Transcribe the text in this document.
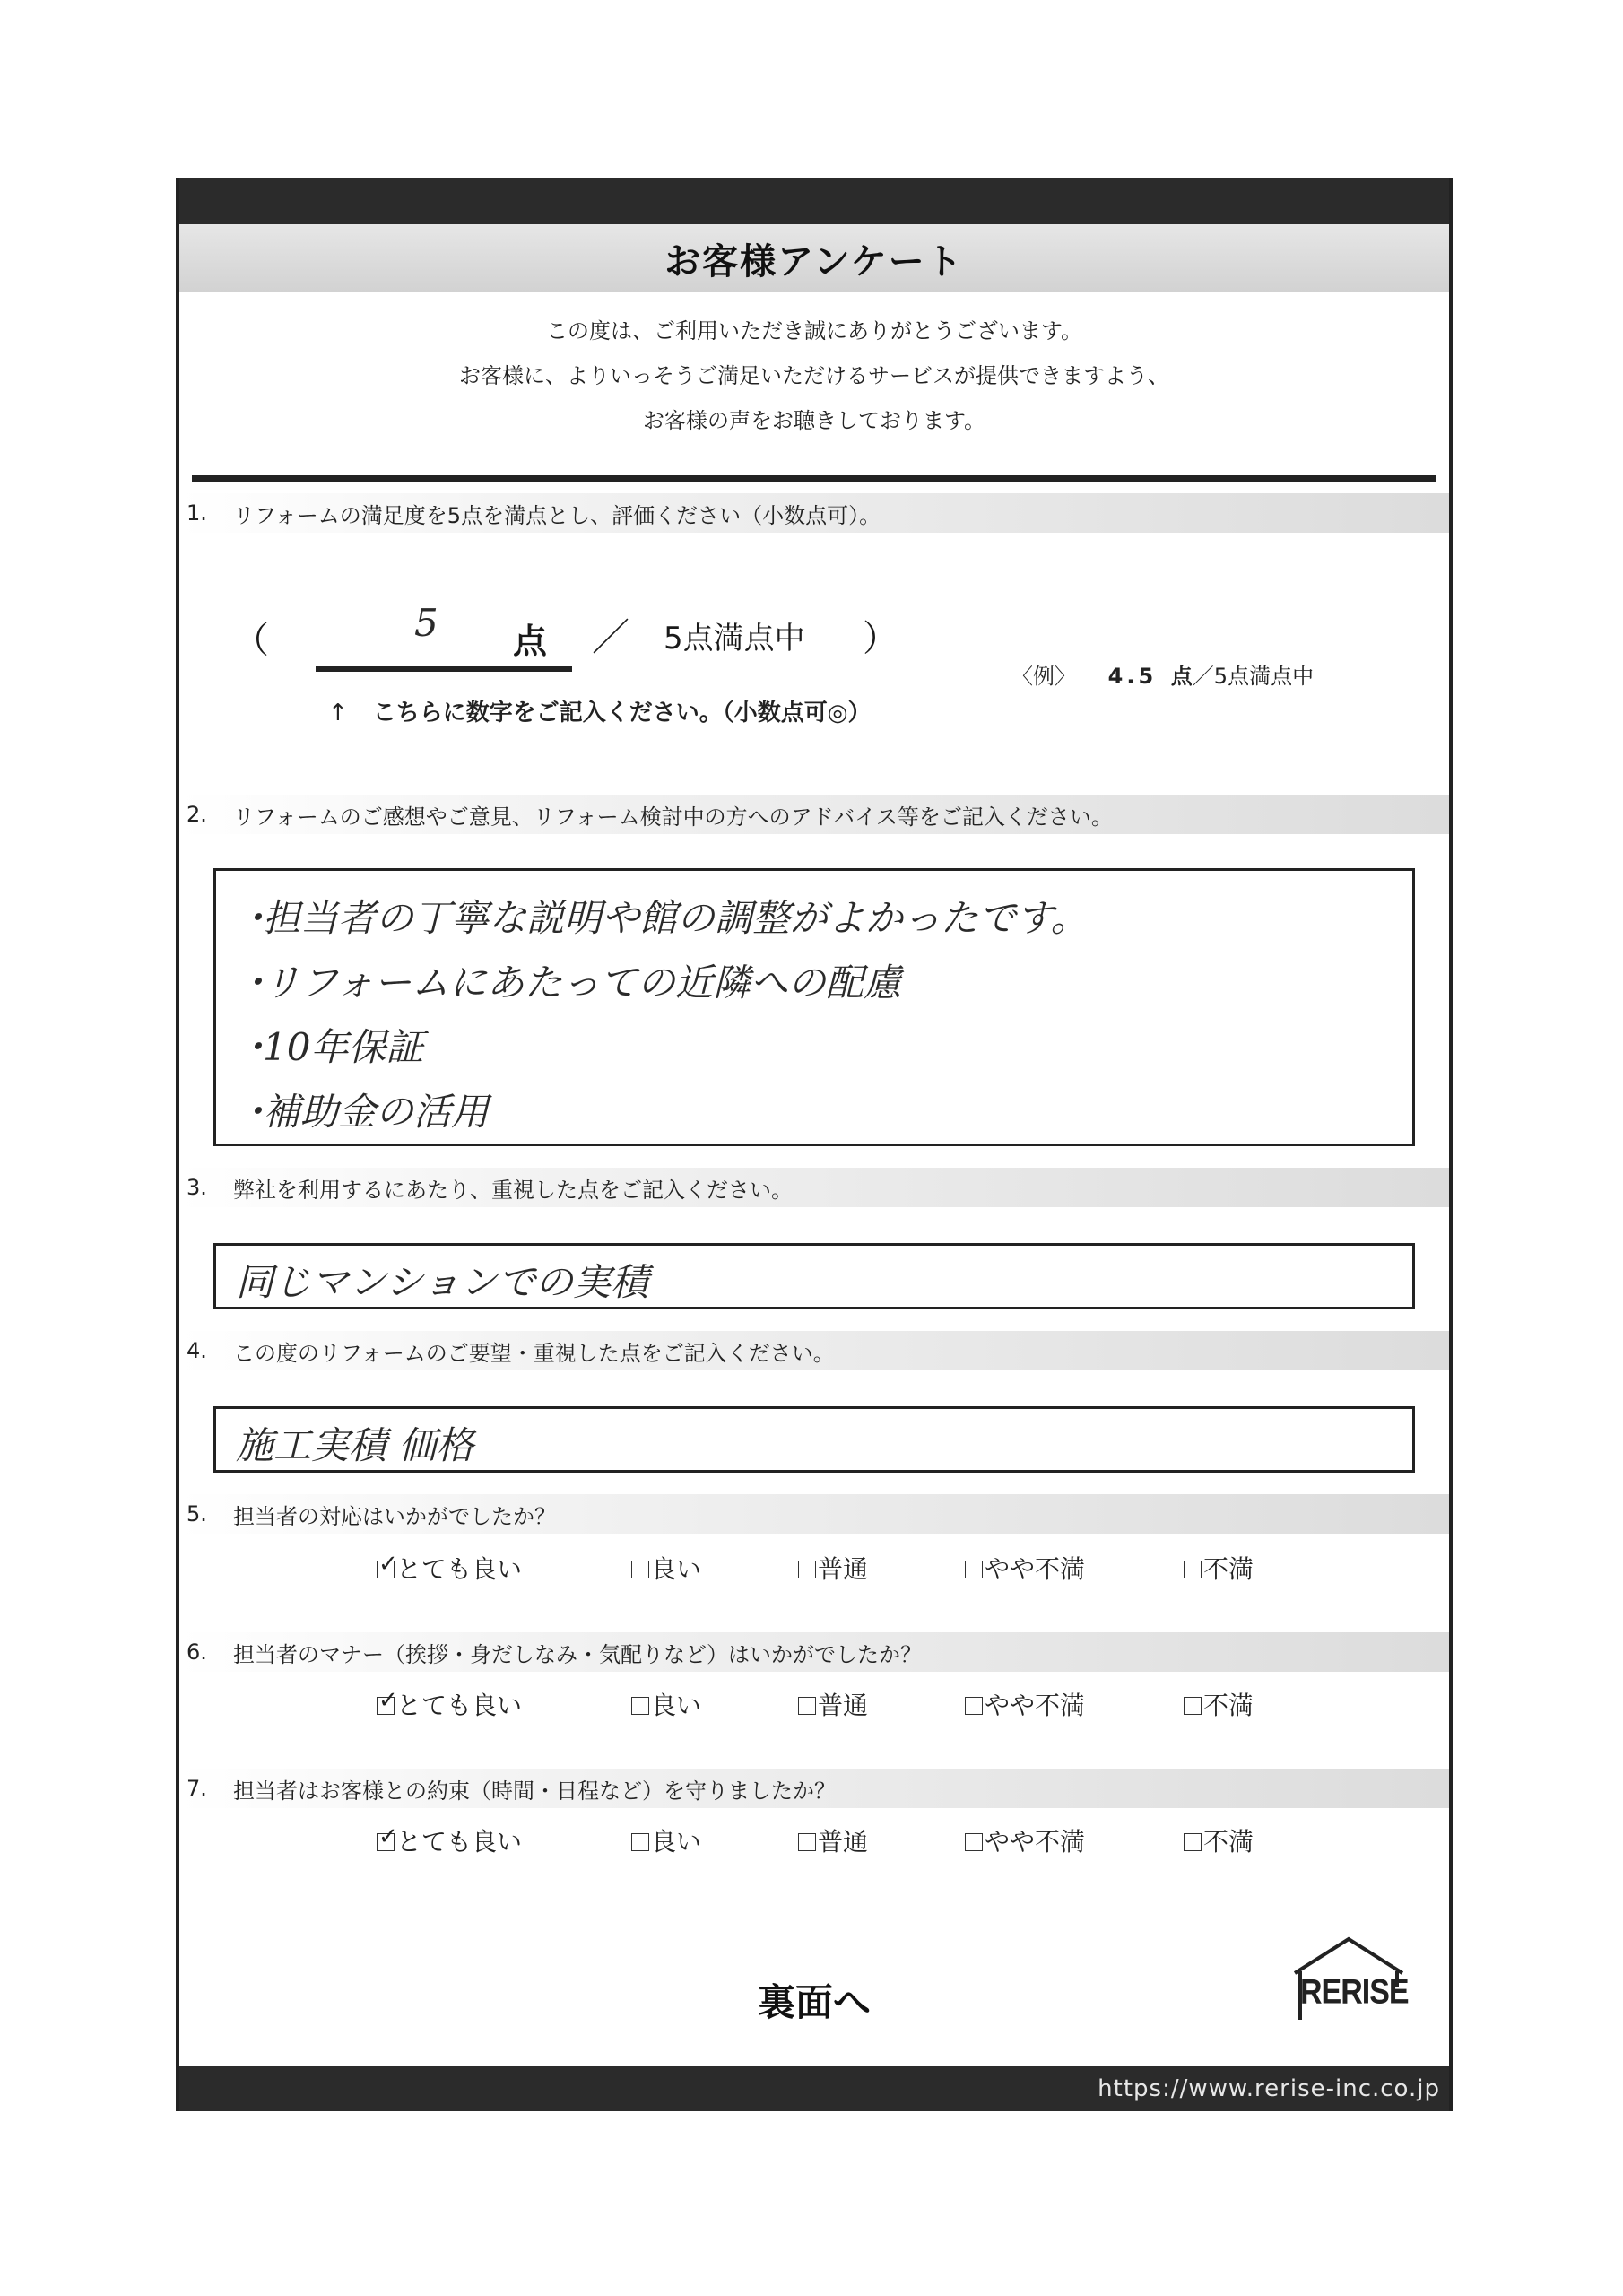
お客様アンケート
この度は、ご利用いただき誠にありがとうございます。
お客様に、よりいっそうご満足いただけるサービスが提供できますよう、
お客様の声をお聴きしております。
1.	リフォームの満足度を5点を満点とし、評価ください（小数点可）。
（	5 点 ／ 5点満点中 ）
〈例〉 4.5 点／5点満点中
↑ こちらに数字をご記入ください。（小数点可◎）
2.	リフォームのご感想やご意見、リフォーム検討中の方へのアドバイス等をご記入ください。
・担当者の丁寧な説明や館の調整がよかったです。
・リフォームにあたっての近隣への配慮
・10年保証
・補助金の活用
3.	弊社を利用するにあたり、重視した点をご記入ください。
同じマンションでの実積
4.	この度のリフォームのご要望・重視した点をご記入ください。
施工実積 価格
5.	担当者の対応はいかがでしたか？
✓
とても良い	良い	普通	やや不満	不満
6.	担当者のマナー（挨拶・身だしなみ・気配りなど）はいかがでしたか？
✓
とても良い	良い	普通	やや不満	不満
7.	担当者はお客様との約束（時間・日程など）を守りましたか？
✓
とても良い	良い	普通	やや不満	不満
裏面へ	RERISE
https://www.rerise-inc.co.jp
